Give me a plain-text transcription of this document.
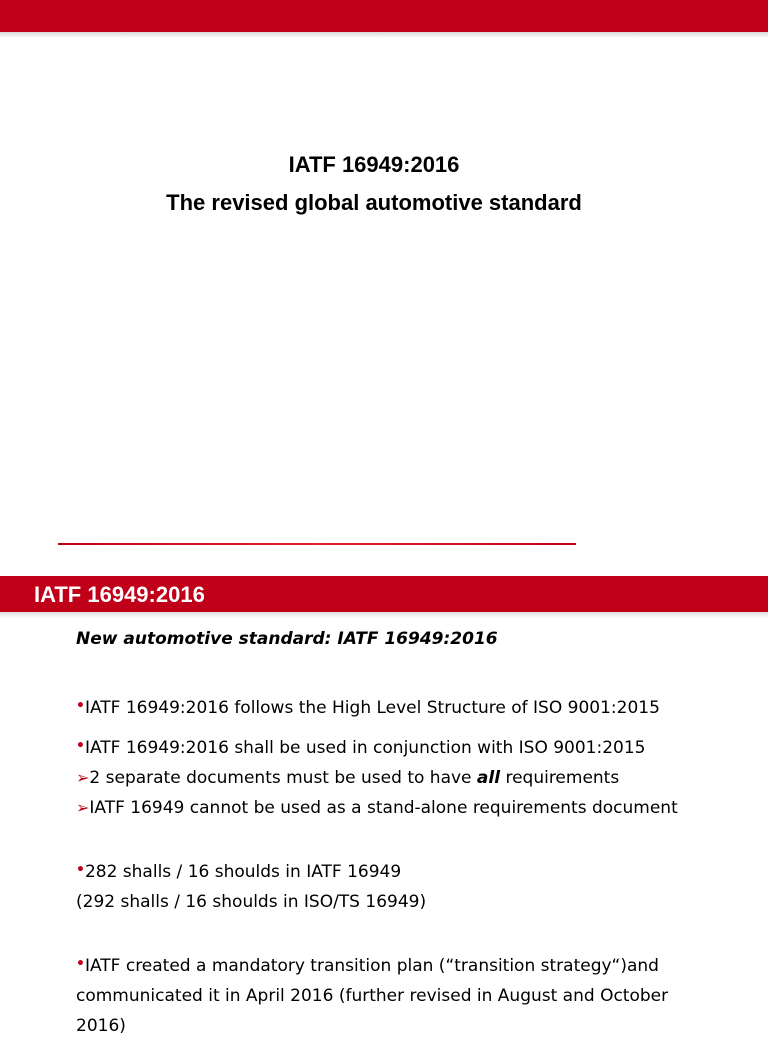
IATF 16949:2016
The revised global automotive standard
IATF 16949:2016

New automotive standard: IATF 16949:2016

•IATF 16949:2016 follows the High Level Structure of ISO 9001:2015

•IATF 16949:2016 shall be used in conjunction with ISO 9001:2015

➢2 separate documents must be used to have all requirements

➢IATF 16949 cannot be used as a stand-alone requirements document

•282 shalls / 16 shoulds in IATF 16949

(292 shalls / 16 shoulds in ISO/TS 16949)

•IATF created a mandatory transition plan (“transition strategy“)and communicated it in April 2016 (further revised in August and October 2016)
